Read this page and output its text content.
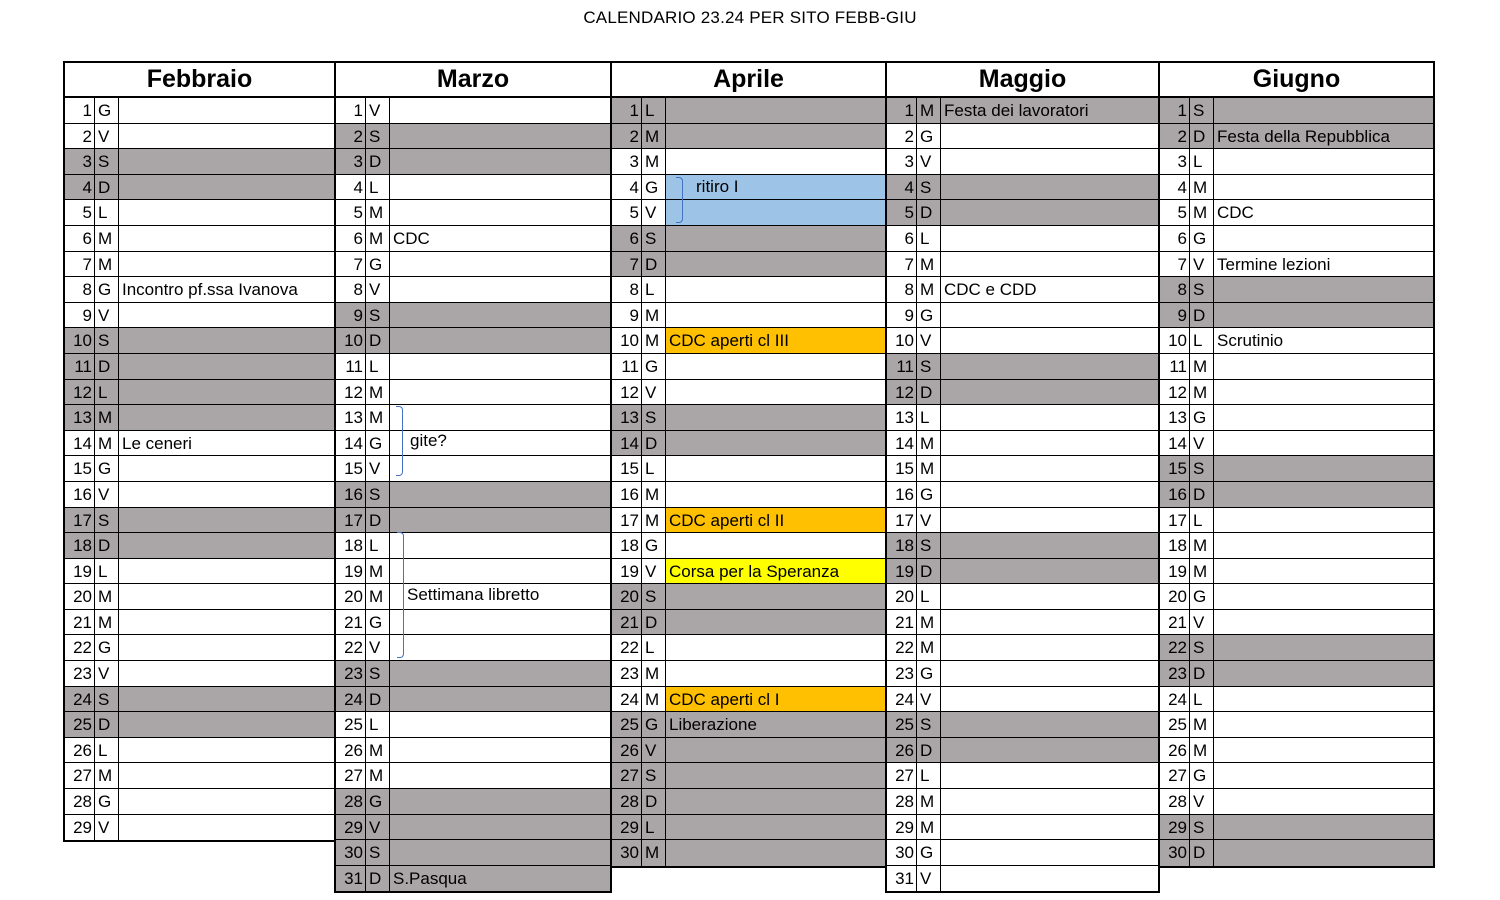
CALENDARIO 23.24 PER SITO FEBB-GIU
Febbraio
1 G
2 V
3 S
4 D
5 L
6 M
7 M
8 G Incontro pf.ssa Ivanova
9 V
10 S
11 D
12 L
13 M
14 M Le ceneri
15 G
16 V
17 S
18 D
19 L
20 M
21 M
22 G
23 V
24 S
25 D
26 L
27 M
28 G
29 V
Marzo
1 V
2 S
3 D
4 L
5 M
6 M CDC
7 G
8 V
9 S
10 D
11 L
12 M
13 M
14 G
15 V
16 S
17 D
18 L
19 M
20 M
21 G
22 V
23 S
24 D
25 L
26 M
27 M
28 G
29 V
30 S
31 D S.Pasqua
Aprile
1 L
2 M
3 M
4 G
5 V
6 S
7 D
8 L
9 M
10 M CDC aperti cl III
11 G
12 V
13 S
14 D
15 L
16 M
17 M CDC aperti cl II
18 G
19 V Corsa per la Speranza
20 S
21 D
22 L
23 M
24 M CDC aperti cl I
25 G Liberazione
26 V
27 S
28 D
29 L
30 M
Maggio
1 M Festa dei lavoratori
2 G
3 V
4 S
5 D
6 L
7 M
8 M CDC e CDD
9 G
10 V
11 S
12 D
13 L
14 M
15 M
16 G
17 V
18 S
19 D
20 L
21 M
22 M
23 G
24 V
25 S
26 D
27 L
28 M
29 M
30 G
31 V
Giugno
1 S
2 D Festa della Repubblica
3 L
4 M
5 M CDC
6 G
7 V Termine lezioni
8 S
9 D
10 L Scrutinio
11 M
12 M
13 G
14 V
15 S
16 D
17 L
18 M
19 M
20 G
21 V
22 S
23 D
24 L
25 M
26 M
27 G
28 V
29 S
30 D
gite?
Settimana libretto
ritiro I
